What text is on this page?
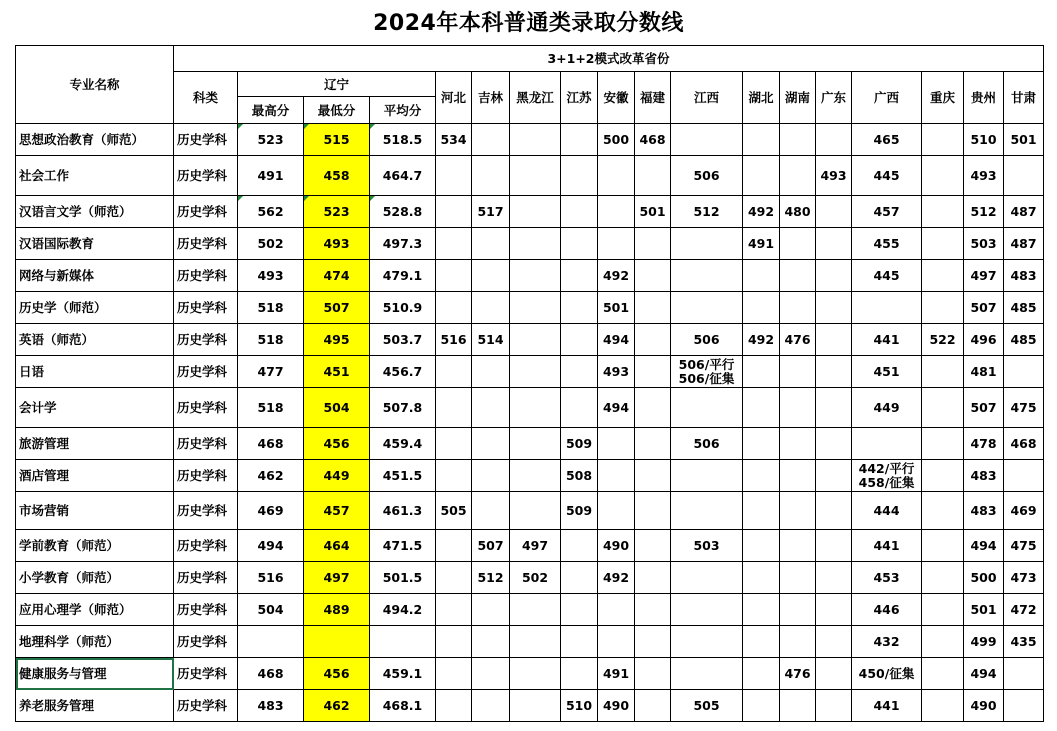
2024年本科普通类录取分数线
专业名称	3+1+2模式改革省份																	
	科类	辽宁			河北	吉林	黑龙江	江苏	安徽	福建	江西	湖北	湖南	广东	广西	重庆	贵州	甘肃
		最高分	最低分	平均分														
思想政治教育（师范）	历史学科	523	515	518.5	534				500	468					465		510	501
社会工作	历史学科	491	458	464.7							506			493	445		493	
汉语言文学（师范）	历史学科	562	523	528.8		517				501	512	492	480		457		512	487
汉语国际教育	历史学科	502	493	497.3								491			455		503	487
网络与新媒体	历史学科	493	474	479.1					492						445		497	483
历史学（师范）	历史学科	518	507	510.9					501								507	485
英语（师范）	历史学科	518	495	503.7	516	514			494		506	492	476		441	522	496	485
日语	历史学科	477	451	456.7					493		506/平行 506/征集				451		481	
会计学	历史学科	518	504	507.8					494						449		507	475
旅游管理	历史学科	468	456	459.4				509			506						478	468
酒店管理	历史学科	462	449	451.5				508							442/平行 458/征集		483	
市场营销	历史学科	469	457	461.3	505			509							444		483	469
学前教育（师范）	历史学科	494	464	471.5		507	497		490		503				441		494	475
小学教育（师范）	历史学科	516	497	501.5		512	502		492						453		500	473
应用心理学（师范）	历史学科	504	489	494.2											446		501	472
地理科学（师范）	历史学科														432		499	435
健康服务与管理	历史学科	468	456	459.1					491				476		450/征集		494	
养老服务管理	历史学科	483	462	468.1				510	490		505				441		490	
